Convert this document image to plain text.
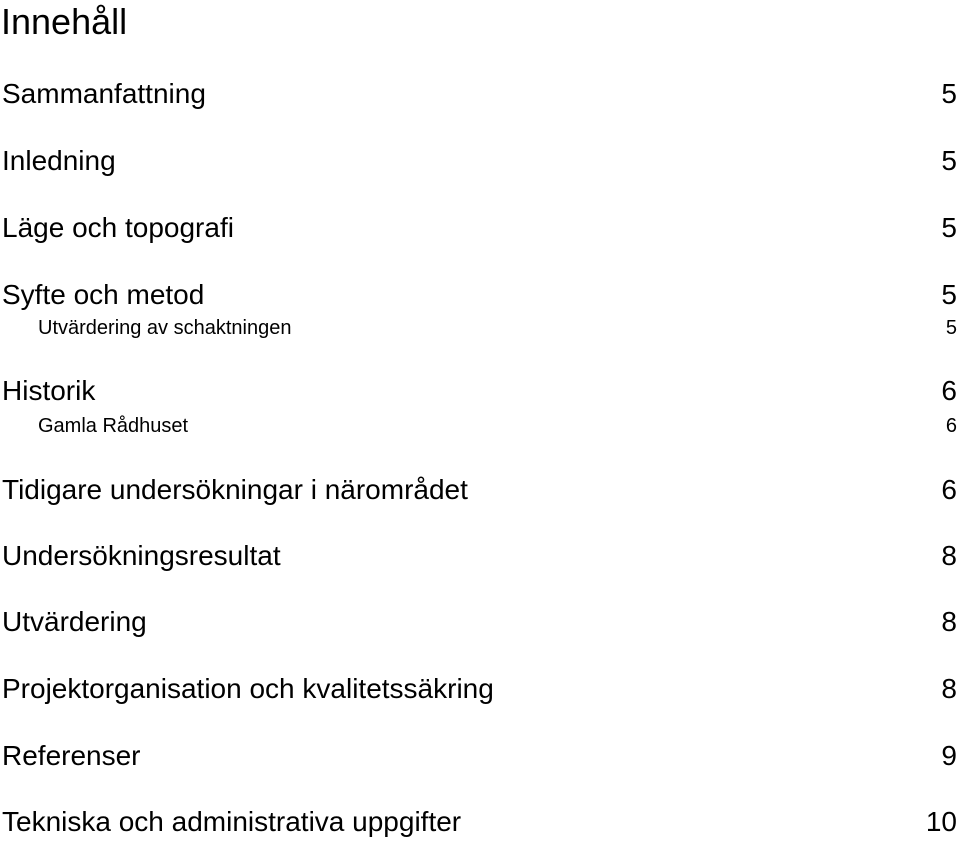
Innehåll
Sammanfattning	5
Inledning	5
Läge och topografi	5
Syfte och metod	5
Utvärdering av schaktningen	5
Historik	6
Gamla Rådhuset	6
Tidigare undersökningar i närområdet	6
Undersökningsresultat	8
Utvärdering	8
Projektorganisation och kvalitetssäkring	8
Referenser	9
Tekniska och administrativa uppgifter	10
